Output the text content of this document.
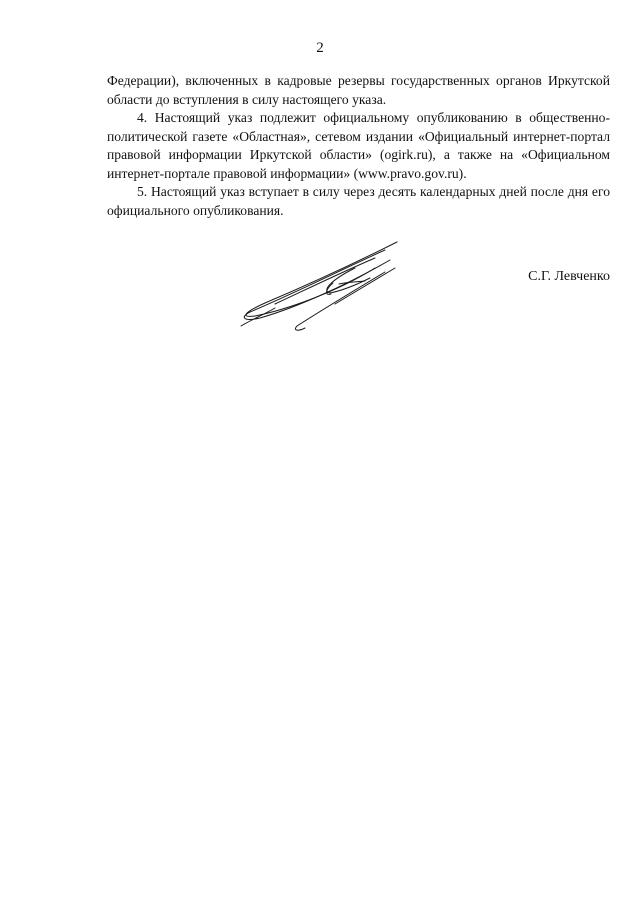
2

Федерации), включенных в кадровые резервы государственных органов Иркутской области до вступления в силу настоящего указа.

4. Настоящий указ подлежит официальному опубликованию в общественно-политической газете «Областная», сетевом издании «Официальный интернет-портал правовой информации Иркутской области» (ogirk.ru), а также на «Официальном интернет-портале правовой информации» (www.pravo.gov.ru).

5. Настоящий указ вступает в силу через десять календарных дней после дня его официального опубликования.

С.Г. Левченко
